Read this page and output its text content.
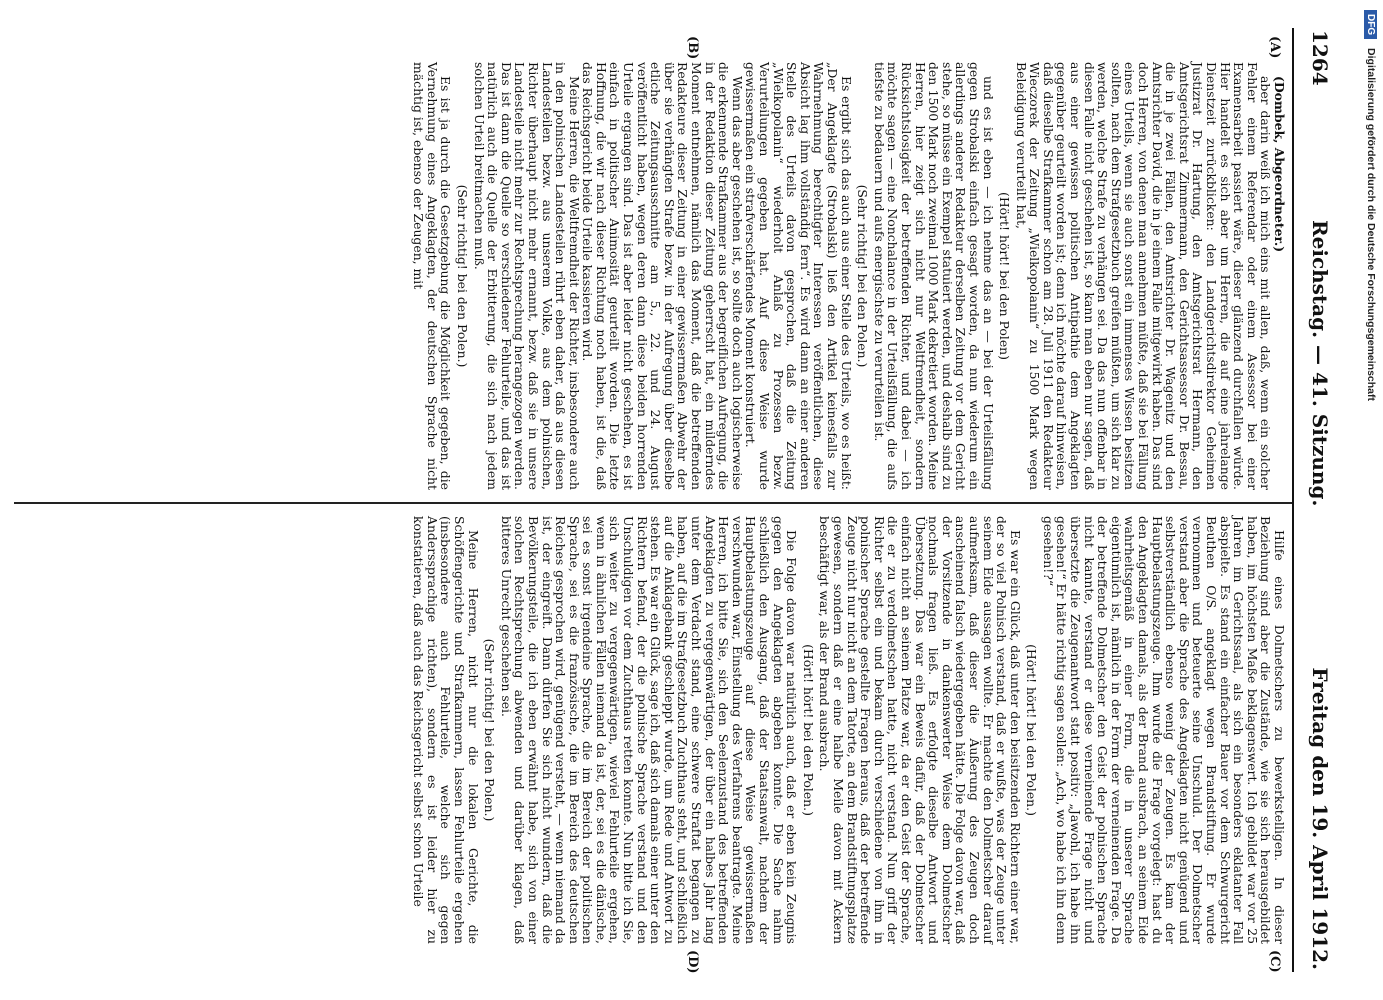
1264
Reichstag. — 41. Sitzung.
Freitag den 19. April 1912.
(A)
(B)
(C)
(D)

(Dombek, Abgeordneter.)

aber darin weiß ich mich eins mit allen, daß, wenn ein solcher Fehler einem Referendar oder einem Assessor bei einer Examensarbeit passiert wäre, dieser glänzend durchfallen würde. Hier handelt es sich aber um Herren, die auf eine jahrelange Dienstzeit zurückblicken: den Landgerichtsdirektor Geheimen Justizrat Dr. Hartung, den Amtsgerichtsrat Hermann, den Amtsgerichtsrat Zimmermann, den Gerichtsassessor Dr. Bessau, die in je zwei Fällen, den Amtsrichter Dr. Wagenitz und den Amtsrichter David, die in je einem Falle mitgewirkt haben. Das sind doch Herren, von denen man annehmen müßte, daß sie bei Fällung eines Urteils, wenn sie auch sonst ein immenses Wissen besitzen sollten, nach dem Strafgesetzbuch greifen müßten, um sich klar zu werden, welche Strafe zu verhängen sei. Da das nun offenbar in diesen Falle nicht geschehen ist, so kann man eben nur sagen, daß aus einer gewissen politischen Antipathie dem Angeklagten gegenüber geurteilt worden ist; denn ich möchte darauf hinweisen, daß dieselbe Strafkammer schon am 28. Juli 1911 den Redakteur Wieczorek der Zeitung „Wielkopolanin“ zu 1500 Mark wegen Beleidigung verurteilt hat,

(Hört! hört! bei den Polen)

und es ist eben — ich nehme das an — bei der Urteilsfällung gegen Strobalski einfach gesagt worden, da nun wiederum ein allerdings anderer Redakteur derselben Zeitung vor dem Gericht stehe, so müsse ein Exempel statuiert werden, und deshalb sind zu den 1500 Mark noch zweimal 1000 Mark dekretiert worden. Meine Herren, hier zeigt sich nicht nur Weltfremdheit, sondern Rücksichtslosigkeit der betreffenden Richter, und dabei — ich möchte sagen — eine Nonchalance in der Urteilsfällung, die aufs tiefste zu bedauern und aufs energischste zu verurteilen ist.

(Sehr richtig! bei den Polen.)

Es ergibt sich das auch aus einer Stelle des Urteils, wo es heißt: „Der Angeklagte (Strobalski) ließ den Artikel keinesfalls zur Wahrnehmung berechtigter Interessen veröffentlichen, diese Absicht lag ihm vollständig fern“. Es wird dann an einer anderen Stelle des Urteils davon gesprochen, daß die Zeitung „Wielkopolanin“ wiederholt Anlaß zu Prozessen bezw. Verurteilungen gegeben hat. Auf diese Weise wurde gewissermaßen ein strafverschärfendes Moment konstruiert.

Wenn das aber geschehen ist, so sollte doch auch logischerweise die erkennende Strafkammer aus der begreiflichen Aufregung, die in der Redaktion dieser Zeitung geherrscht hat, ein milderndes Moment entnehmen, nämlich das Moment, daß die betreffenden Redakteure dieser Zeitung in einer gewissermaßen Abwehr der über sie verhängten Strafe bezw. in der Aufregung über dieselbe etliche Zeitungsausschnitte am 5., 22. und 24. August veröffentlicht haben, wegen deren dann diese beiden horrenden Urteile ergangen sind. Das ist aber leider nicht geschehen, es ist einfach in politischer Animosität geurteilt worden. Die letzte Hoffnung, die wir nach dieser Richtung noch haben, ist die, daß das Reichsgericht beide Urteile kassieren wird.

Meine Herren, die Weltfremdheit der Richter, insbesondere auch in den polnischen Landesteilen rührt eben daher, daß aus diesen Landesteilen bezw. aus unserem Volke, aus dem polnischen, Richter überhaupt nicht mehr ernannt, bezw. daß sie in unsere Landesteile nicht mehr zur Rechtsprechung herangezogen werden. Das ist dann die Quelle so verschiedener Fehlurteile, und das ist natürlich auch die Quelle der Erbitterung, die sich nach jedem solchen Urteil breitmachen muß.

(Sehr richtig! bei den Polen.)

Es ist ja durch die Gesetzgebung die Möglichkeit gegeben, die Vernehmung eines Angeklagten, der deutschen Sprache nicht mächtig ist, ebenso der Zeugen, mit

Hilfe eines Dolmetschers zu bewerkstelligen. In dieser Beziehung sind aber die Zustände, wie sie sich herausgebildet haben, im höchsten Maße beklagenswert. Ich gebildet war vor 25 Jahren im Gerichtssaal, als sich ein besonders eklatanter Fall abspielte. Es stand ein einfacher Bauer vor dem Schwurgericht Beuthen O/S. angeklagt wegen Brandstiftung. Er wurde vernommen und beteuerte seine Unschuld. Der Dolmetscher verstand aber die Sprache des Angeklagten nicht genügend und selbstverständlich ebenso wenig der Zeugen. Es kam der Hauptbelastungszeuge. Ihm wurde die Frage vorgelegt: hast du den Angeklagten damals, als der Brand ausbrach, an seinem Eide wahrheitsgemäß in einer Form, die in unserer Sprache eigentümlich ist, nämlich in der Form der verneinenden Frage. Da der betreffende Dolmetscher den Geist der polnischen Sprache nicht kannte, verstand er diese verneinende Frage nicht und übersetzte die Zeugenantwort statt positiv: „Jawohl, ich habe ihn gesehen!“ Er hätte richtig sagen sollen: „Ach, wo habe ich ihn denn gesehen!?“

(Hört! hört! bei den Polen.)

Es war ein Glück, daß unter den beisitzenden Richtern einer war, der so viel Polnisch verstand, daß er wußte, was der Zeuge unter seinem Eide aussagen wollte. Er machte den Dolmetscher darauf aufmerksam, daß dieser die Äußerung des Zeugen doch anscheinend falsch wiedergegeben hätte. Die Folge davon war, daß der Vorsitzende in dankenswerter Weise dem Dolmetscher nochmals fragen ließ. Es erfolgte dieselbe Antwort und Übersetzung. Das war ein Beweis dafür, daß der Dolmetscher einfach nicht an seinem Platze war, da er den Geist der Sprache, die er zu verdolmetschen hatte, nicht verstand. Nun griff der Richter selbst ein und bekam durch verschiedene von ihm in polnischer Sprache gestellte Fragen heraus, daß der betreffende Zeuge nicht nur nicht an dem Tatorte, an dem Brandstiftungsplatze gewesen, sondern daß er eine halbe Meile davon mit Ackern beschäftigt war, als der Brand ausbrach.

(Hört! hört! bei den Polen.)

Die Folge davon war natürlich auch, daß er eben kein Zeugnis gegen den Angeklagten abgeben konnte. Die Sache nahm schließlich den Ausgang, daß der Staatsanwalt, nachdem der Hauptbelastungszeuge auf diese Weise gewissermaßen verschwunden war, Einstellung des Verfahrens beantragte. Meine Herren, ich bitte Sie, sich den Seelenzustand des betreffenden Angeklagten zu vergegenwärtigen, der über ein halbes Jahr lang unter dem Verdacht stand, eine schwere Straftat begangen zu haben, auf die im Strafgesetzbuch Zuchthaus steht, und schließlich auf die Anklagebank geschleppt wurde, um Rede und Antwort zu stehen. Es war ein Glück, sage ich, daß sich damals einer unter den Richtern befand, der die polnische Sprache verstand und den Unschuldigen vor dem Zuchthaus retten konnte. Nun bitte ich Sie, sich weiter zu vergegenwärtigen, wieviel Fehlurteile ergehen, wenn in ähnlichen Fällen niemand da ist, der, sei es die dänische, sei es sonst irgendeine Sprache, die im Bereich der politischen Sprache, sei es die französische, die im Bereich des deutschen Reiches gesprochen wird, genügend versteht, — wenn niemand da ist, der eingreift. Dann dürfen Sie sich nicht wundern, daß die Bevölkerungsteile, die ich eben erwähnt habe, sich von einer solchen Rechtsprechung abwenden und darüber klagen, daß bitteres Unrecht geschehen sei.

(Sehr richtig! bei den Polen.)

Meine Herren, nicht nur die lokalen Gerichte, die Schöffengerichte und Strafkammern, lassen Fehlurteile ergehen (insbesondere auch Fehlurteile, welche sich gegen Anderssprachige richten), sondern es ist leider hier zu konstatieren, daß auch das Reichsgericht selbst schon Urteile

DFG Digitalisierung gefördert durch die Deutsche Forschungsgemeinschaft
